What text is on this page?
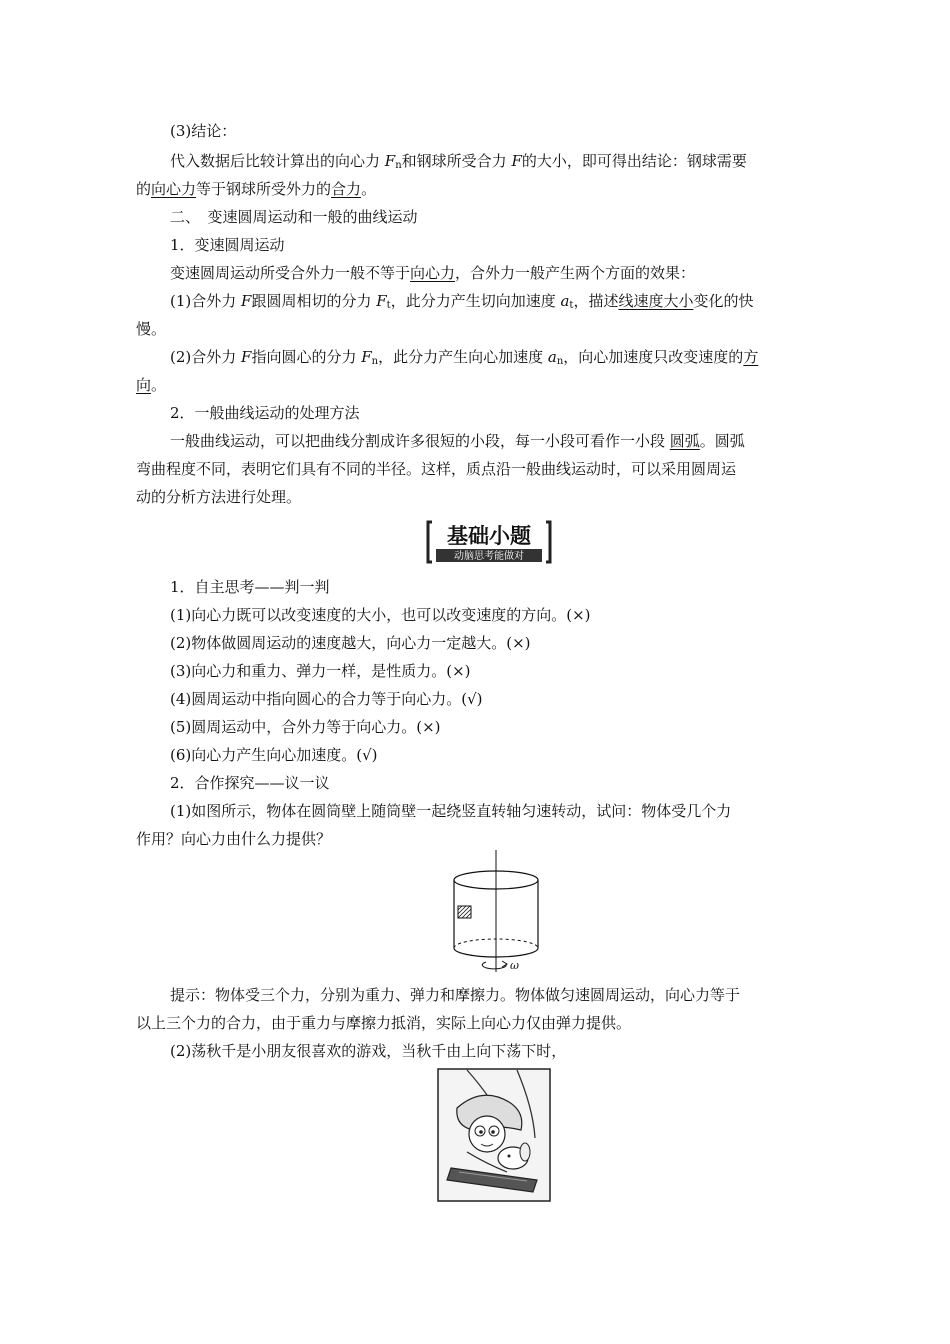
(3)结论：
代入数据后比较计算出的向心力 $F_n$和钢球所受合力 F的大小，即可得出结论：钢球需要
的向心力等于钢球所受外力的合力。
二、　变速圆周运动和一般的曲线运动
1．变速圆周运动
变速圆周运动所受合外力一般不等于向心力，合外力一般产生两个方面的效果：
(1)合外力 F跟圆周相切的分力 $F_t$，此分力产生切向加速度 $a_t$，描述线速度大小变化的快
慢。
(2)合外力 F指向圆心的分力 $F_n$，此分力产生向心加速度 $a_n$，向心加速度只改变速度的方
向。
2．一般曲线运动的处理方法
一般曲线运动，可以把曲线分割成许多很短的小段，每一小段可看作一小段 圆弧。圆弧
弯曲程度不同，表明它们具有不同的半径。这样，质点沿一般曲线运动时，可以采用圆周运
动的分析方法进行处理。
基础小题
动脑思考能做对
1．自主思考——判一判
(1)向心力既可以改变速度的大小，也可以改变速度的方向。(×)
(2)物体做圆周运动的速度越大，向心力一定越大。(×)
(3)向心力和重力、弹力一样，是性质力。(×)
(4)圆周运动中指向圆心的合力等于向心力。(√)
(5)圆周运动中，合外力等于向心力。(×)
(6)向心力产生向心加速度。(√)
2．合作探究——议一议
(1)如图所示，物体在圆筒壁上随筒壁一起绕竖直转轴匀速转动，试问：物体受几个力
作用？向心力由什么力提供？
ω
提示：物体受三个力，分别为重力、弹力和摩擦力。物体做匀速圆周运动，向心力等于
以上三个力的合力，由于重力与摩擦力抵消，实际上向心力仅由弹力提供。
(2)荡秋千是小朋友很喜欢的游戏，当秋千由上向下荡下时，
